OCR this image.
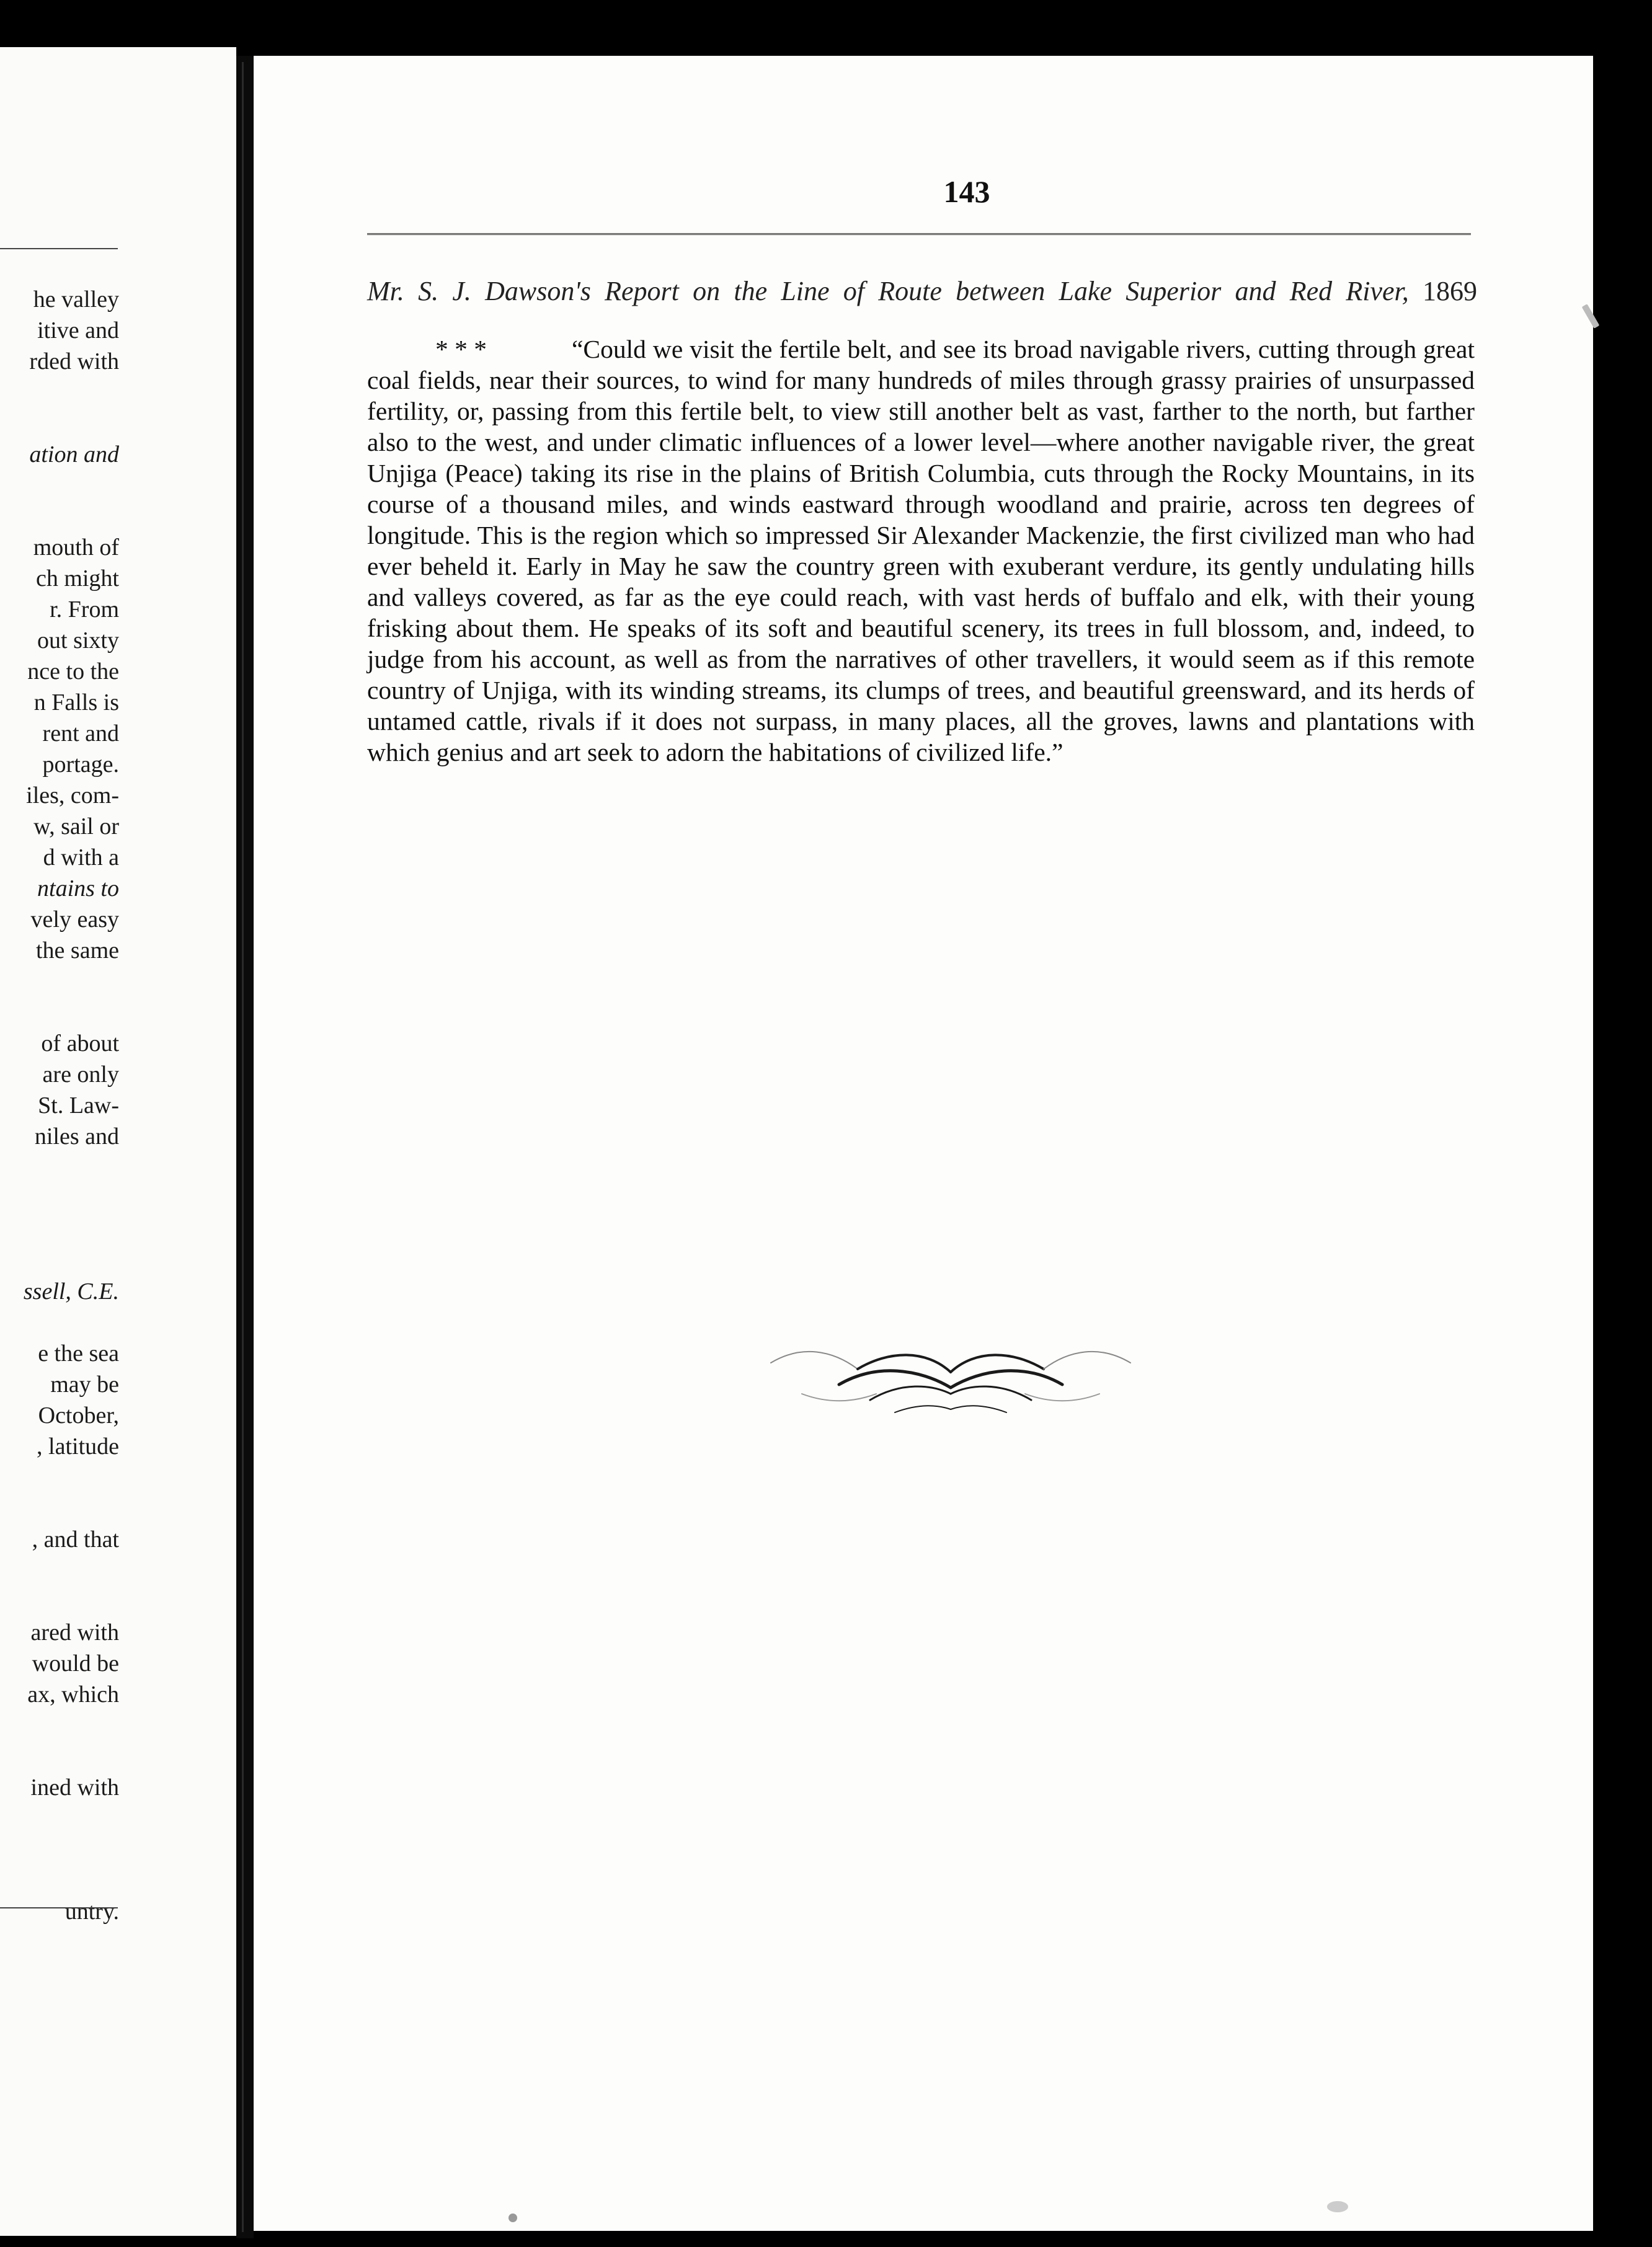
he valley
itive and
rded with

ation and

mouth of
ch might
r. From
out sixty
nce to the
n Falls is
rent and
portage.
iles, com-
w, sail or
d with a
ntains to
vely easy
the same

of about
are only
St. Law-
niles and

ssell, C.E.

e the sea
may be
October,
, latitude

, and that

ared with
would be
ax, which

ined with

untry.
143
Mr. S. J. Dawson's Report on the Line of Route between Lake Superior and Red River, 1869
* * *	“Could we visit the fertile belt, and see its broad navigable rivers, cutting through great coal fields, near their sources, to wind for many hundreds of miles through grassy prairies of unsurpassed fertility, or, passing from this fertile belt, to view still another belt as vast, farther to the north, but farther also to the west, and under climatic influences of a lower level—where another navigable river, the great Unjiga (Peace) taking its rise in the plains of British Columbia, cuts through the Rocky Mountains, in its course of a thousand miles, and winds eastward through woodland and prairie, across ten degrees of longitude. This is the region which so impressed Sir Alexander Mackenzie, the first civilized man who had ever beheld it. Early in May he saw the country green with exuberant verdure, its gently undulating hills and valleys covered, as far as the eye could reach, with vast herds of buffalo and elk, with their young frisking about them. He speaks of its soft and beautiful scenery, its trees in full blossom, and, indeed, to judge from his account, as well as from the narratives of other travellers, it would seem as if this remote country of Unjiga, with its winding streams, its clumps of trees, and beautiful greensward, and its herds of untamed cattle, rivals if it does not surpass, in many places, all the groves, lawns and plantations with which genius and art seek to adorn the habitations of civilized life.”
